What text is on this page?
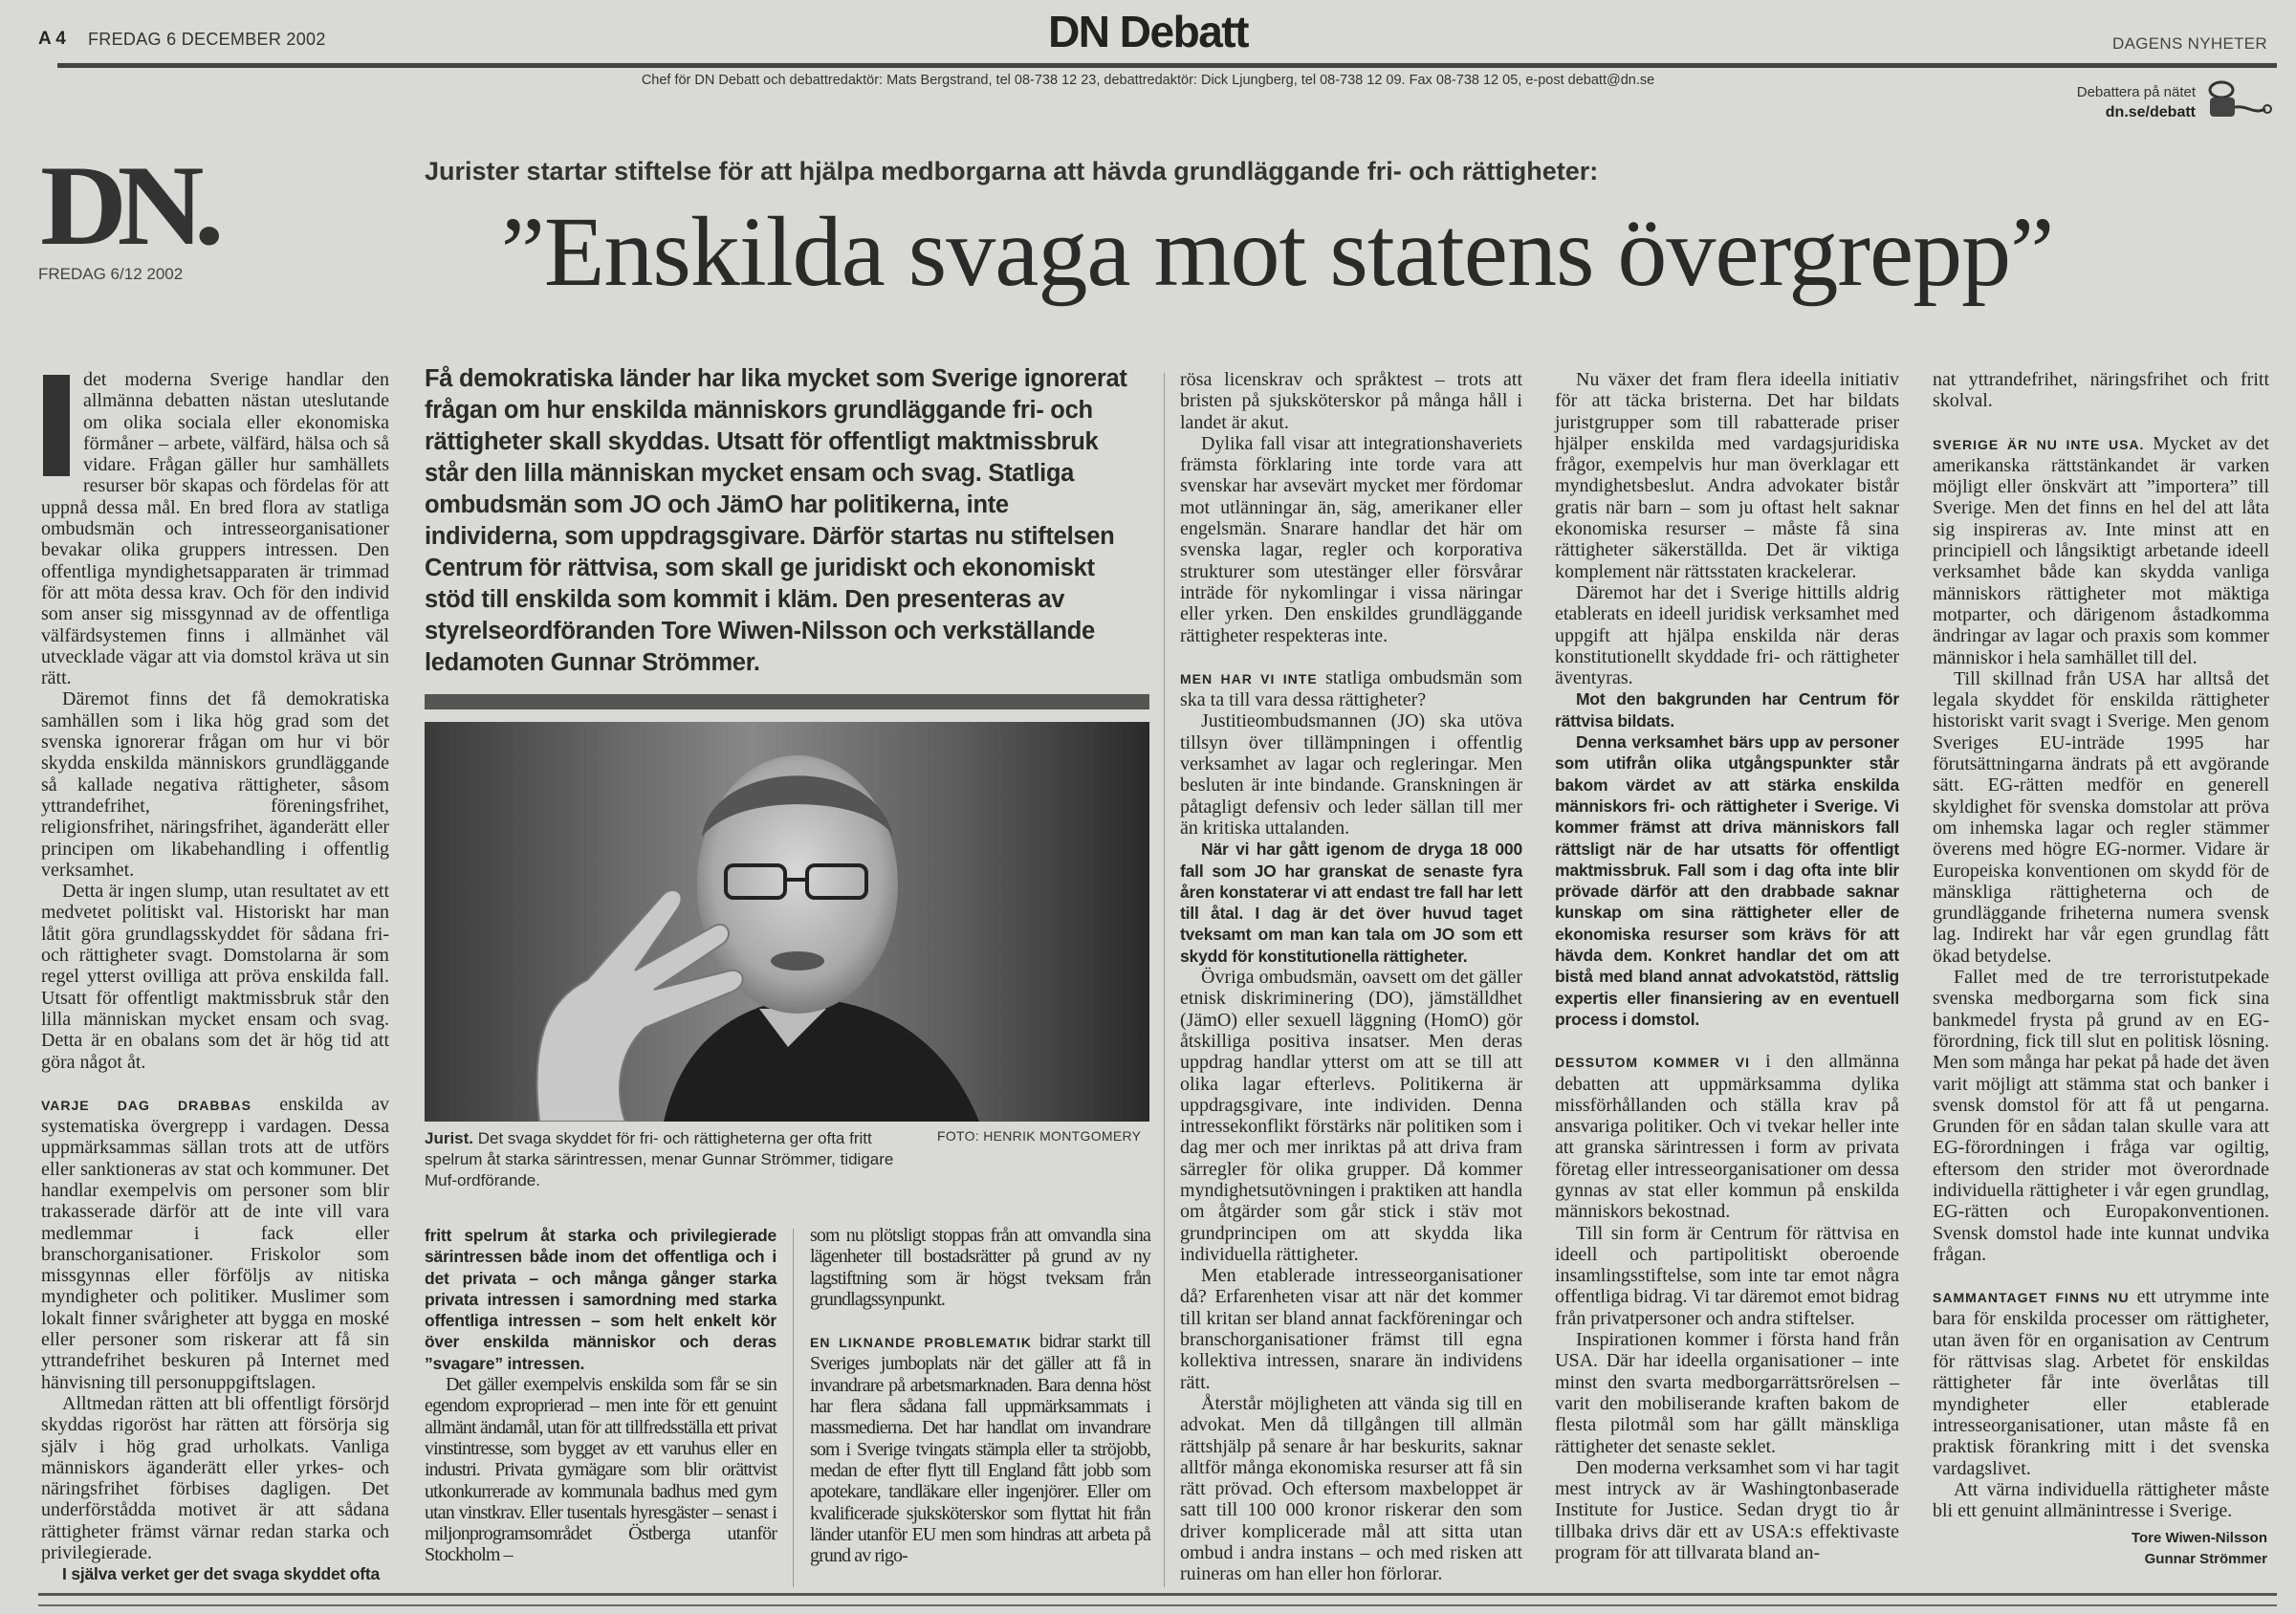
A 4 FREDAG 6 DECEMBER 2002	DN Debatt	DAGENS NYHETER
Chef för DN Debatt och debattredaktör: Mats Bergstrand, tel 08-738 12 23, debattredaktör: Dick Ljungberg, tel 08-738 12 09. Fax 08-738 12 05, e-post debatt@dn.se
Debattera på nätet
dn.se/debatt
DN.
FREDAG 6/12 2002
Jurister startar stiftelse för att hjälpa medborgarna att hävda grundläggande fri- och rättigheter:
”Enskilda svaga mot statens övergrepp”
Få demokratiska länder har lika mycket som Sverige ignorerat frågan om hur enskilda människors grundläggande fri- och rättigheter skall skyddas. Utsatt för offentligt maktmissbruk står den lilla människan mycket ensam och svag. Statliga ombudsmän som JO och JämO har politikerna, inte individerna, som uppdragsgivare. Därför startas nu stiftelsen Centrum för rättvisa, som skall ge juridiskt och ekonomiskt stöd till enskilda som kommit i kläm. Den presenteras av styrelseordföranden Tore Wiwen-Nilsson och verkställande ledamoten Gunnar Strömmer.
Jurist. Det svaga skyddet för fri- och rättigheterna ger ofta fritt spelrum åt starka särintressen, menar Gunnar Strömmer, tidigare Muf-ordförande.
FOTO: HENRIK MONTGOMERY

det moderna Sverige handlar den allmänna debatten nästan uteslutande om olika sociala eller ekonomiska förmåner – arbete, välfärd, hälsa och så vidare. Frågan gäller hur samhällets resurser bör skapas och fördelas för att uppnå dessa mål. En bred flora av statliga ombudsmän och intresseorganisationer bevakar olika gruppers intressen. Den offentliga myndighetsapparaten är trimmad för att möta dessa krav. Och för den individ som anser sig missgynnad av de offentliga välfärdsystemen finns i allmänhet väl utvecklade vägar att via domstol kräva ut sin rätt.

Däremot finns det få demokratiska samhällen som i lika hög grad som det svenska ignorerar frågan om hur vi bör skydda enskilda människors grundläggande så kallade negativa rättigheter, såsom yttrandefrihet, föreningsfrihet, religionsfrihet, näringsfrihet, äganderätt eller principen om likabehandling i offentlig verksamhet.

Detta är ingen slump, utan resultatet av ett medvetet politiskt val. Historiskt har man låtit göra grundlagsskyddet för sådana fri- och rättigheter svagt. Domstolarna är som regel ytterst ovilliga att pröva enskilda fall. Utsatt för offentligt maktmissbruk står den lilla människan mycket ensam och svag. Detta är en obalans som det är hög tid att göra något åt.

VARJE DAG DRABBAS enskilda av systematiska övergrepp i vardagen. Dessa uppmärksammas sällan trots att de utförs eller sanktioneras av stat och kommuner. Det handlar exempelvis om personer som blir trakasserade därför att de inte vill vara medlemmar i fack eller branschorganisationer. Friskolor som missgynnas eller förföljs av nitiska myndigheter och politiker. Muslimer som lokalt finner svårigheter att bygga en moské eller personer som riskerar att få sin yttrandefrihet beskuren på Internet med hänvisning till personuppgiftslagen.

Alltmedan rätten att bli offentligt försörjd skyddas rigoröst har rätten att försörja sig själv i hög grad urholkats. Vanliga människors äganderätt eller yrkes- och näringsfrihet förbises dagligen. Det underförstådda motivet är att sådana rättigheter främst värnar redan starka och privilegierade.

I själva verket ger det svaga skyddet ofta

fritt spelrum åt starka och privilegierade särintressen både inom det offentliga och i det privata – och många gånger starka privata intressen i samordning med starka offentliga intressen – som helt enkelt kör över enskilda människor och deras ”svagare” intressen.

Det gäller exempelvis enskilda som får se sin egendom exproprierad – men inte för ett genuint allmänt ändamål, utan för att tillfredsställa ett privat vinstintresse, som bygget av ett varuhus eller en industri. Privata gymägare som blir orättvist utkonkurrerade av kommunala badhus med gym utan vinstkrav. Eller tusentals hyresgäster – senast i miljonprogramsområdet Östberga utanför Stockholm –

som nu plötsligt stoppas från att omvandla sina lägenheter till bostadsrätter på grund av ny lagstiftning som är högst tveksam från grundlagssynpunkt.

EN LIKNANDE PROBLEMATIK bidrar starkt till Sveriges jumboplats när det gäller att få in invandrare på arbetsmarknaden. Bara denna höst har flera sådana fall uppmärksammats i massmedierna. Det har handlat om invandrare som i Sverige tvingats stämpla eller ta ströjobb, medan de efter flytt till England fått jobb som apotekare, tandläkare eller ingenjörer. Eller om kvalificerade sjuksköterskor som flyttat hit från länder utanför EU men som hindras att arbeta på grund av rigo-

rösa licenskrav och språktest – trots att bristen på sjuksköterskor på många håll i landet är akut.

Dylika fall visar att integrationshaveriets främsta förklaring inte torde vara att svenskar har avsevärt mycket mer fördomar mot utlänningar än, säg, amerikaner eller engelsmän. Snarare handlar det här om svenska lagar, regler och korporativa strukturer som utestänger eller försvårar inträde för nykomlingar i vissa näringar eller yrken. Den enskildes grundläggande rättigheter respekteras inte.

MEN HAR VI INTE statliga ombudsmän som ska ta till vara dessa rättigheter?

Justitieombudsmannen (JO) ska utöva tillsyn över tillämpningen i offentlig verksamhet av lagar och regleringar. Men besluten är inte bindande. Granskningen är påtagligt defensiv och leder sällan till mer än kritiska uttalanden.

När vi har gått igenom de dryga 18 000 fall som JO har granskat de senaste fyra åren konstaterar vi att endast tre fall har lett till åtal. I dag är det över huvud taget tveksamt om man kan tala om JO som ett skydd för konstitutionella rättigheter.

Övriga ombudsmän, oavsett om det gäller etnisk diskriminering (DO), jämställdhet (JämO) eller sexuell läggning (HomO) gör åtskilliga positiva insatser. Men deras uppdrag handlar ytterst om att se till att olika lagar efterlevs. Politikerna är uppdragsgivare, inte individen. Denna intressekonflikt förstärks när politiken som i dag mer och mer inriktas på att driva fram särregler för olika grupper. Då kommer myndighetsutövningen i praktiken att handla om åtgärder som går stick i stäv mot grundprincipen om att skydda lika individuella rättigheter.

Men etablerade intresseorganisationer då? Erfarenheten visar att när det kommer till kritan ser bland annat fackföreningar och branschorganisationer främst till egna kollektiva intressen, snarare än individens rätt.

Återstår möjligheten att vända sig till en advokat. Men då tillgången till allmän rättshjälp på senare år har beskurits, saknar alltför många ekonomiska resurser att få sin rätt prövad. Och eftersom maxbeloppet är satt till 100 000 kronor riskerar den som driver komplicerade mål att sitta utan ombud i andra instans – och med risken att ruineras om han eller hon förlorar.

Nu växer det fram flera ideella initiativ för att täcka bristerna. Det har bildats juristgrupper som till rabatterade priser hjälper enskilda med vardagsjuridiska frågor, exempelvis hur man överklagar ett myndighetsbeslut. Andra advokater bistår gratis när barn – som ju oftast helt saknar ekonomiska resurser – måste få sina rättigheter säkerställda. Det är viktiga komplement när rättsstaten krackelerar.

Däremot har det i Sverige hittills aldrig etablerats en ideell juridisk verksamhet med uppgift att hjälpa enskilda när deras konstitutionellt skyddade fri- och rättigheter äventyras.

Mot den bakgrunden har Centrum för rättvisa bildats.

Denna verksamhet bärs upp av personer som utifrån olika utgångspunkter står bakom värdet av att stärka enskilda människors fri- och rättigheter i Sverige. Vi kommer främst att driva människors fall rättsligt när de har utsatts för offentligt maktmissbruk. Fall som i dag ofta inte blir prövade därför att den drabbade saknar kunskap om sina rättigheter eller de ekonomiska resurser som krävs för att hävda dem. Konkret handlar det om att bistå med bland annat advokatstöd, rättslig expertis eller finansiering av en eventuell process i domstol.

DESSUTOM KOMMER VI i den allmänna debatten att uppmärksamma dylika missförhållanden och ställa krav på ansvariga politiker. Och vi tvekar heller inte att granska särintressen i form av privata företag eller intresseorganisationer om dessa gynnas av stat eller kommun på enskilda människors bekostnad.

Till sin form är Centrum för rättvisa en ideell och partipolitiskt oberoende insamlingsstiftelse, som inte tar emot några offentliga bidrag. Vi tar däremot emot bidrag från privatpersoner och andra stiftelser.

Inspirationen kommer i första hand från USA. Där har ideella organisationer – inte minst den svarta medborgarrättsrörelsen – varit den mobiliserande kraften bakom de flesta pilotmål som har gällt mänskliga rättigheter det senaste seklet.

Den moderna verksamhet som vi har tagit mest intryck av är Washingtonbaserade Institute for Justice. Sedan drygt tio år tillbaka drivs där ett av USA:s effektivaste program för att tillvarata bland an-

nat yttrandefrihet, näringsfrihet och fritt skolval.

SVERIGE ÄR NU INTE USA. Mycket av det amerikanska rättstänkandet är varken möjligt eller önskvärt att ”importera” till Sverige. Men det finns en hel del att låta sig inspireras av. Inte minst att en principiell och långsiktigt arbetande ideell verksamhet både kan skydda vanliga människors rättigheter mot mäktiga motparter, och därigenom åstadkomma ändringar av lagar och praxis som kommer människor i hela samhället till del.

Till skillnad från USA har alltså det legala skyddet för enskilda rättigheter historiskt varit svagt i Sverige. Men genom Sveriges EU-inträde 1995 har förutsättningarna ändrats på ett avgörande sätt. EG-rätten medför en generell skyldighet för svenska domstolar att pröva om inhemska lagar och regler stämmer överens med högre EG-normer. Vidare är Europeiska konventionen om skydd för de mänskliga rättigheterna och de grundläggande friheterna numera svensk lag. Indirekt har vår egen grundlag fått ökad betydelse.

Fallet med de tre terroristutpekade svenska medborgarna som fick sina bankmedel frysta på grund av en EG-förordning, fick till slut en politisk lösning. Men som många har pekat på hade det även varit möjligt att stämma stat och banker i svensk domstol för att få ut pengarna. Grunden för en sådan talan skulle vara att EG-förordningen i fråga var ogiltig, eftersom den strider mot överordnade individuella rättigheter i vår egen grundlag, EG-rätten och Europakonventionen. Svensk domstol hade inte kunnat undvika frågan.

SAMMANTAGET FINNS NU ett utrymme inte bara för enskilda processer om rättigheter, utan även för en organisation av Centrum för rättvisas slag. Arbetet för enskildas rättigheter får inte överlåtas till myndigheter eller etablerade intresseorganisationer, utan måste få en praktisk förankring mitt i det svenska vardagslivet.

Att värna individuella rättigheter måste bli ett genuint allmänintresse i Sverige.

Tore Wiwen-Nilsson
Gunnar Strömmer
